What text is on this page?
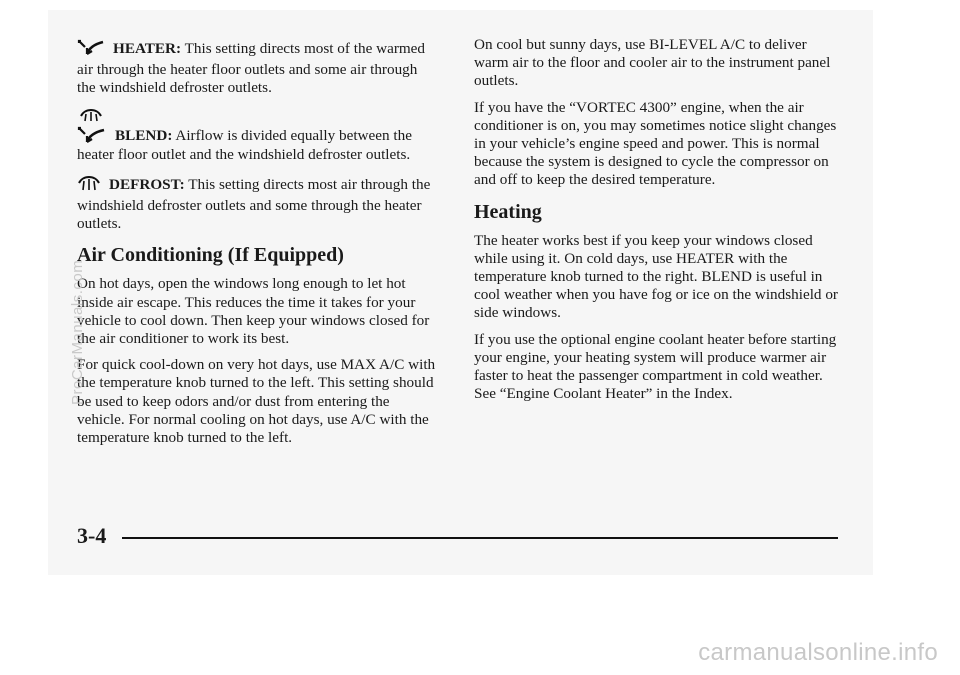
HEATER: This setting directs most of the warmed air through the heater floor outlets and some air through the windshield defroster outlets.

BLEND: Airflow is divided equally between the heater floor outlet and the windshield defroster outlets.

DEFROST: This setting directs most air through the windshield defroster outlets and some through the heater outlets.

Air Conditioning (If Equipped)

On hot days, open the windows long enough to let hot inside air escape. This reduces the time it takes for your vehicle to cool down. Then keep your windows closed for the air conditioner to work its best.

For quick cool-down on very hot days, use MAX A/C with the temperature knob turned to the left. This setting should be used to keep odors and/or dust from entering the vehicle. For normal cooling on hot days, use A/C with the temperature knob turned to the left.

On cool but sunny days, use BI-LEVEL A/C to deliver warm air to the floor and cooler air to the instrument panel outlets.

If you have the “VORTEC 4300” engine, when the air conditioner is on, you may sometimes notice slight changes in your vehicle’s engine speed and power. This is normal because the system is designed to cycle the compressor on and off to keep the desired temperature.

Heating

The heater works best if you keep your windows closed while using it. On cold days, use HEATER with the temperature knob turned to the right. BLEND is useful in cool weather when you have fog or ice on the windshield or side windows.

If you use the optional engine coolant heater before starting your engine, your heating system will produce warmer air faster to heat the passenger compartment in cold weather. See “Engine Coolant Heater” in the Index.

3-4
ProCarManuals.com
carmanualsonline.info
